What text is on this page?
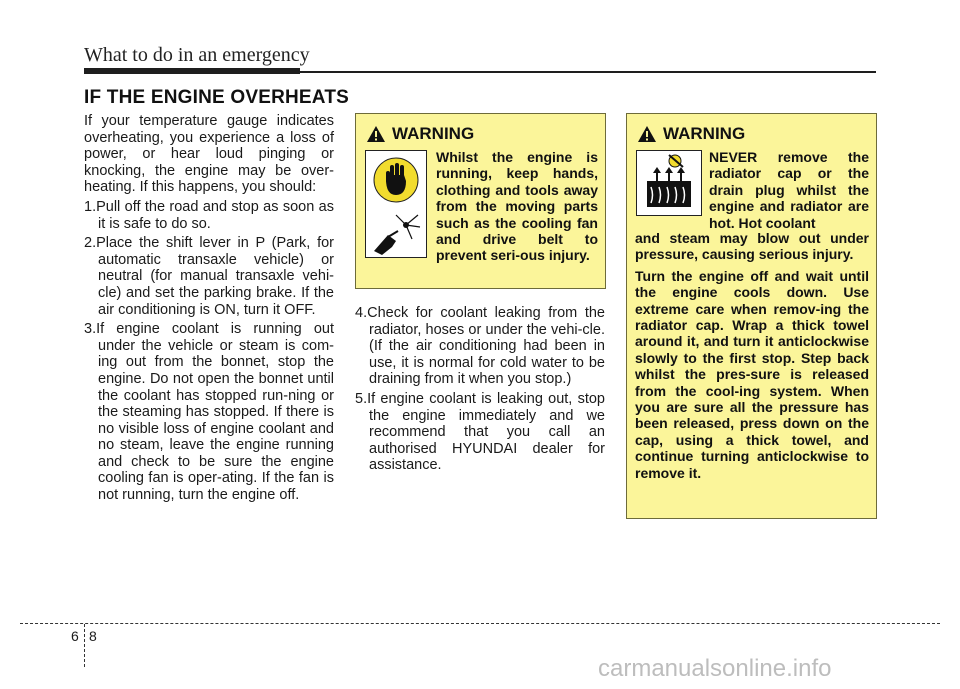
What to do in an emergency
IF THE ENGINE OVERHEATS

If your temperature gauge indicates overheating, you experience a loss of power, or hear loud pinging or knocking, the engine may be over-heating. If this happens, you should:

1.Pull off the road and stop as soon as it is safe to do so.

2.Place the shift lever in P (Park, for automatic transaxle vehicle) or neutral (for manual transaxle vehi-cle) and set the parking brake. If the air conditioning is ON, turn it OFF.

3.If engine coolant is running out under the vehicle or steam is com-ing out from the bonnet, stop the engine. Do not open the bonnet until the coolant has stopped run-ning or the steaming has stopped. If there is no visible loss of engine coolant and no steam, leave the engine running and check to be sure the engine cooling fan is oper-ating. If the fan is not running, turn the engine off.

WARNING
Whilst the engine is running, keep hands, clothing and tools away from the moving parts such as the cooling fan and drive belt to prevent seri-ous injury.

4.Check for coolant leaking from the radiator, hoses or under the vehi-cle. (If the air conditioning had been in use, it is normal for cold water to be draining from it when you stop.)

5.If engine coolant is leaking out, stop the engine immediately and we recommend that you call an authorised HYUNDAI dealer for assistance.

WARNING
NEVER remove the radiator cap or the drain plug whilst the engine and radiator are hot. Hot coolant

and steam may blow out under pressure, causing serious injury.

Turn the engine off and wait until the engine cools down. Use extreme care when remov-ing the radiator cap. Wrap a thick towel around it, and turn it anticlockwise slowly to the first stop. Step back whilst the pres-sure is released from the cool-ing system. When you are sure all the pressure has been released, press down on the cap, using a thick towel, and continue turning anticlockwise to remove it.

6 8
carmanualsonline.info
